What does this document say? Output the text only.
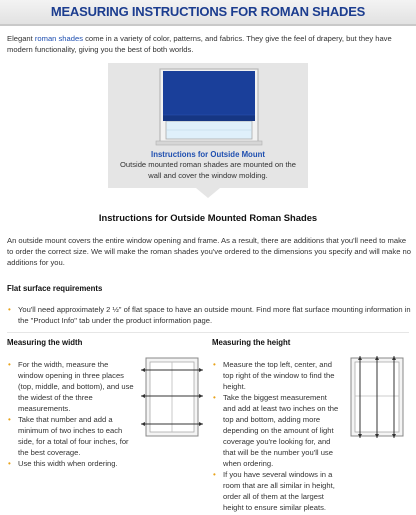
MEASURING INSTRUCTIONS FOR ROMAN SHADES
Elegant roman shades come in a variety of color, patterns, and fabrics. They give the feel of drapery, but they have modern functionality, giving you the best of both worlds.
Instructions for Outside Mount
Outside mounted roman shades are mounted on the wall and cover the window molding.
Instructions for Outside Mounted Roman Shades
An outside mount covers the entire window opening and frame. As a result, there are additions that you'll need to make to order the correct size. We will make the roman shades you've ordered to the dimensions you specify and will make no additions for you.
Flat surface requirements
• You'll need approximately 2 ½" of flat space to have an outside mount. Find more flat surface mounting information in the "Product Info" tab under the product information page.
Measuring the width
• For the width, measure the window opening in three places (top, middle, and bottom), and use the widest of the three measurements.
• Take that number and add a minimum of two inches to each side, for a total of four inches, for the best coverage.
• Use this width when ordering.
Measuring the height
• Measure the top left, center, and top right of the window to find the height.
• Take the biggest measurement and add at least two inches on the top and bottom, adding more depending on the amount of light coverage you're looking for, and that will be the number you'll use when ordering.
• If you have several windows in a room that are all similar in height, order all of them at the largest height to ensure similar pleats.
